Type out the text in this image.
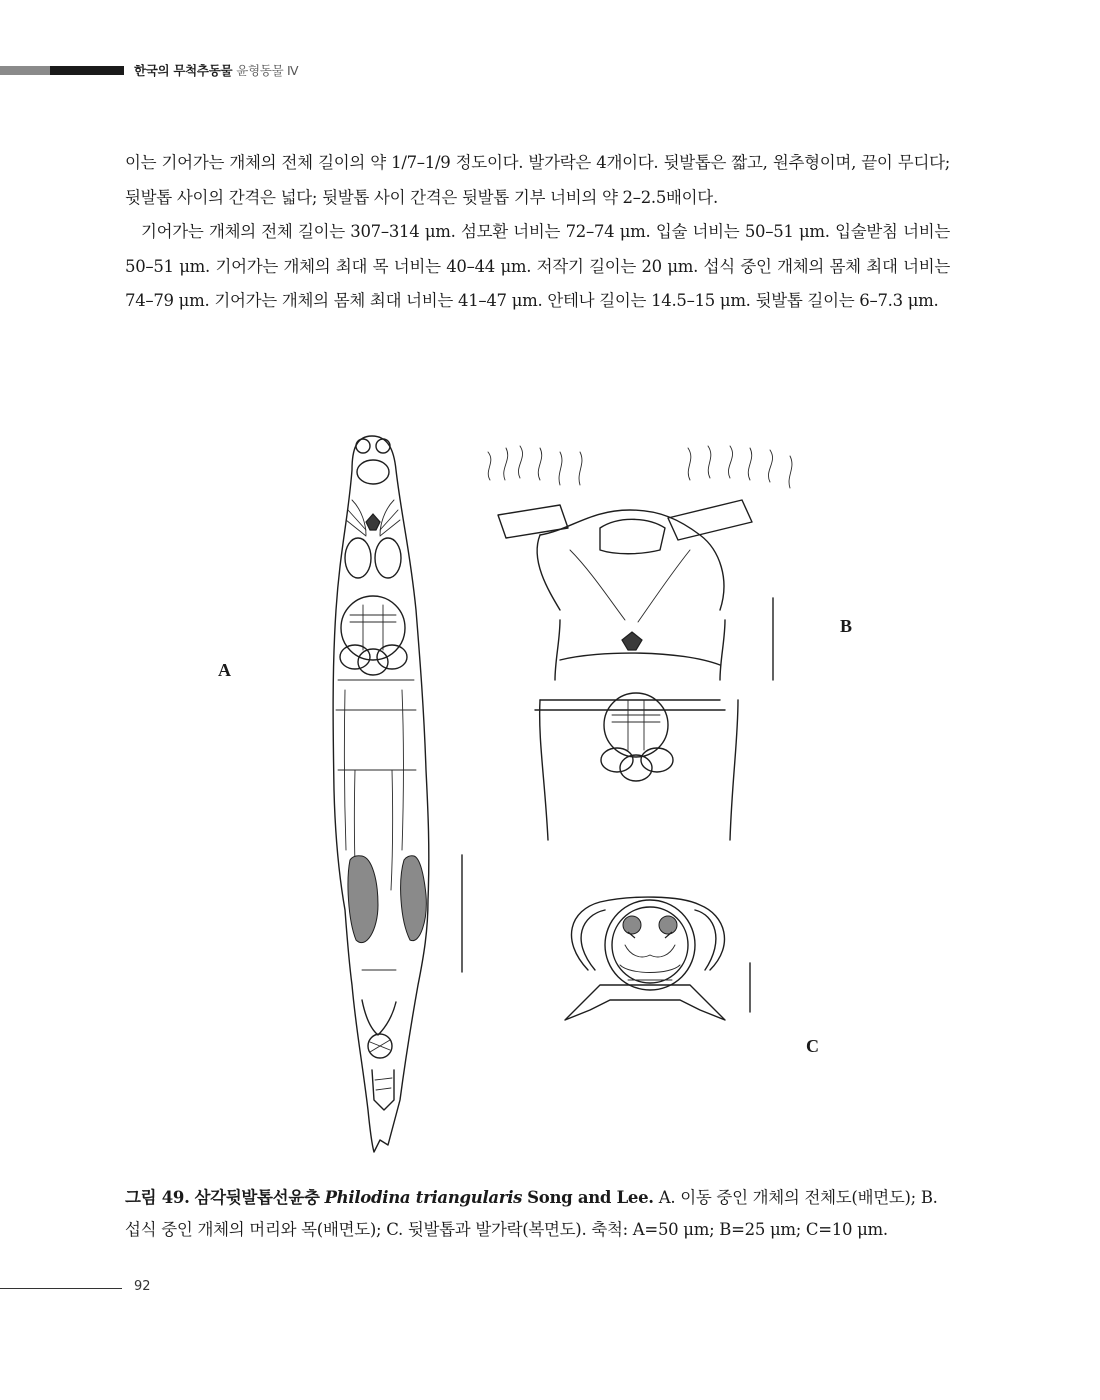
한국의 무척추동물 윤형동물 Ⅳ

이는 기어가는 개체의 전체 길이의 약 1/7–1/9 정도이다. 발가락은 4개이다. 뒷발톱은 짧고, 원추형이며, 끝이 무디다; 뒷발톱 사이의 간격은 넓다; 뒷발톱 사이 간격은 뒷발톱 기부 너비의 약 2–2.5배이다.

기어가는 개체의 전체 길이는 307–314 μm. 섬모환 너비는 72–74 μm. 입술 너비는 50–51 μm. 입술받침 너비는 50–51 μm. 기어가는 개체의 최대 목 너비는 40–44 μm. 저작기 길이는 20 μm. 섭식 중인 개체의 몸체 최대 너비는 74–79 μm. 기어가는 개체의 몸체 최대 너비는 41–47 μm. 안테나 길이는 14.5–15 μm. 뒷발톱 길이는 6–7.3 μm.

A
B
C
그림 49. 삼각뒷발톱선윤충 Philodina triangularis Song and Lee. A. 이동 중인 개체의 전체도(배면도); B. 섭식 중인 개체의 머리와 목(배면도); C. 뒷발톱과 발가락(복면도). 축척: A=50 μm; B=25 μm; C=10 μm.
92
